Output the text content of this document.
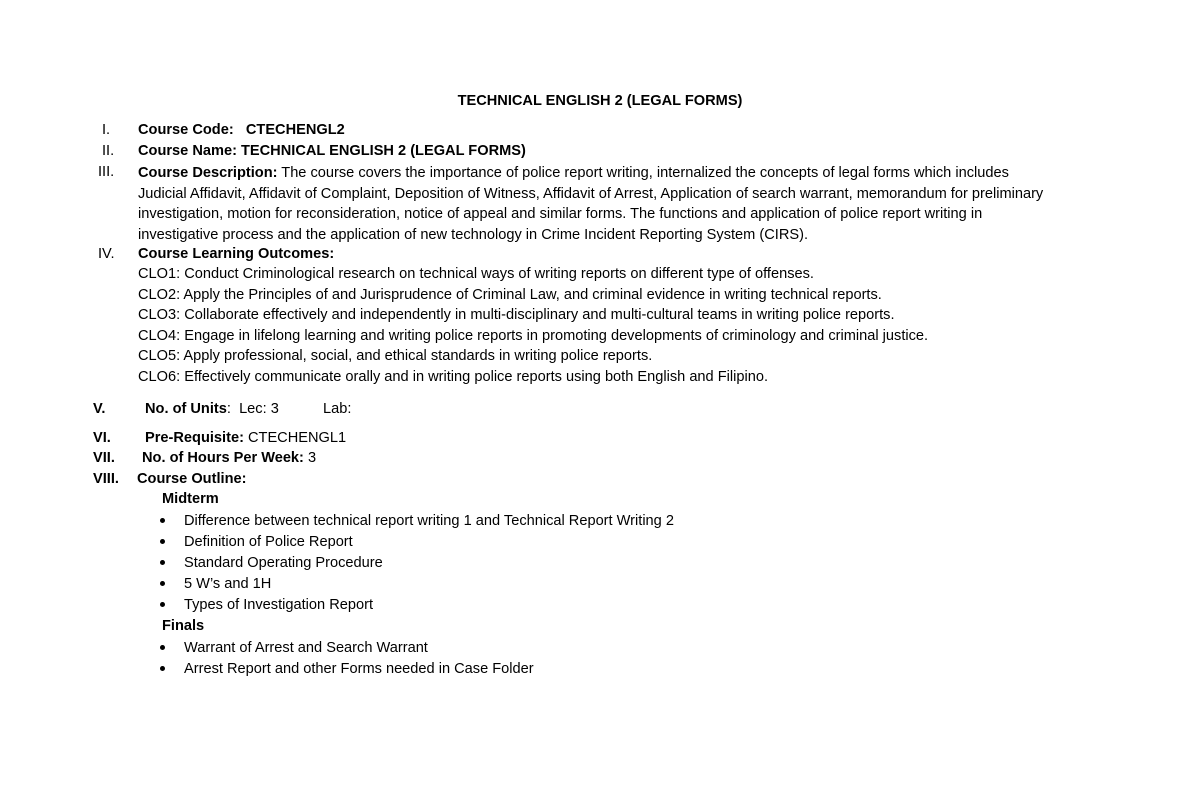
TECHNICAL ENGLISH 2 (LEGAL FORMS)
I. Course Code: CTECHENGL2
II. Course Name: TECHNICAL ENGLISH 2 (LEGAL FORMS)
III. Course Description: The course covers the importance of police report writing, internalized the concepts of legal forms which includes
Judicial Affidavit, Affidavit of Complaint, Deposition of Witness, Affidavit of Arrest, Application of search warrant, memorandum for preliminary
investigation, motion for reconsideration, notice of appeal and similar forms. The functions and application of police report writing in
investigative process and the application of new technology in Crime Incident Reporting System (CIRS).
IV. Course Learning Outcomes:
CLO1: Conduct Criminological research on technical ways of writing reports on different type of offenses.
CLO2: Apply the Principles of and Jurisprudence of Criminal Law, and criminal evidence in writing technical reports.
CLO3: Collaborate effectively and independently in multi-disciplinary and multi-cultural teams in writing police reports.
CLO4: Engage in lifelong learning and writing police reports in promoting developments of criminology and criminal justice.
CLO5: Apply professional, social, and ethical standards in writing police reports.
CLO6: Effectively communicate orally and in writing police reports using both English and Filipino.
V.	No. of Units: Lec: 3	Lab:
VI. Pre-Requisite: CTECHENGL1
VII. No. of Hours Per Week: 3
VIII. Course Outline:
Midterm
Difference between technical report writing 1 and Technical Report Writing 2
Definition of Police Report
Standard Operating Procedure
5 W’s and 1H
Types of Investigation Report
Finals
Warrant of Arrest and Search Warrant
Arrest Report and other Forms needed in Case Folder
